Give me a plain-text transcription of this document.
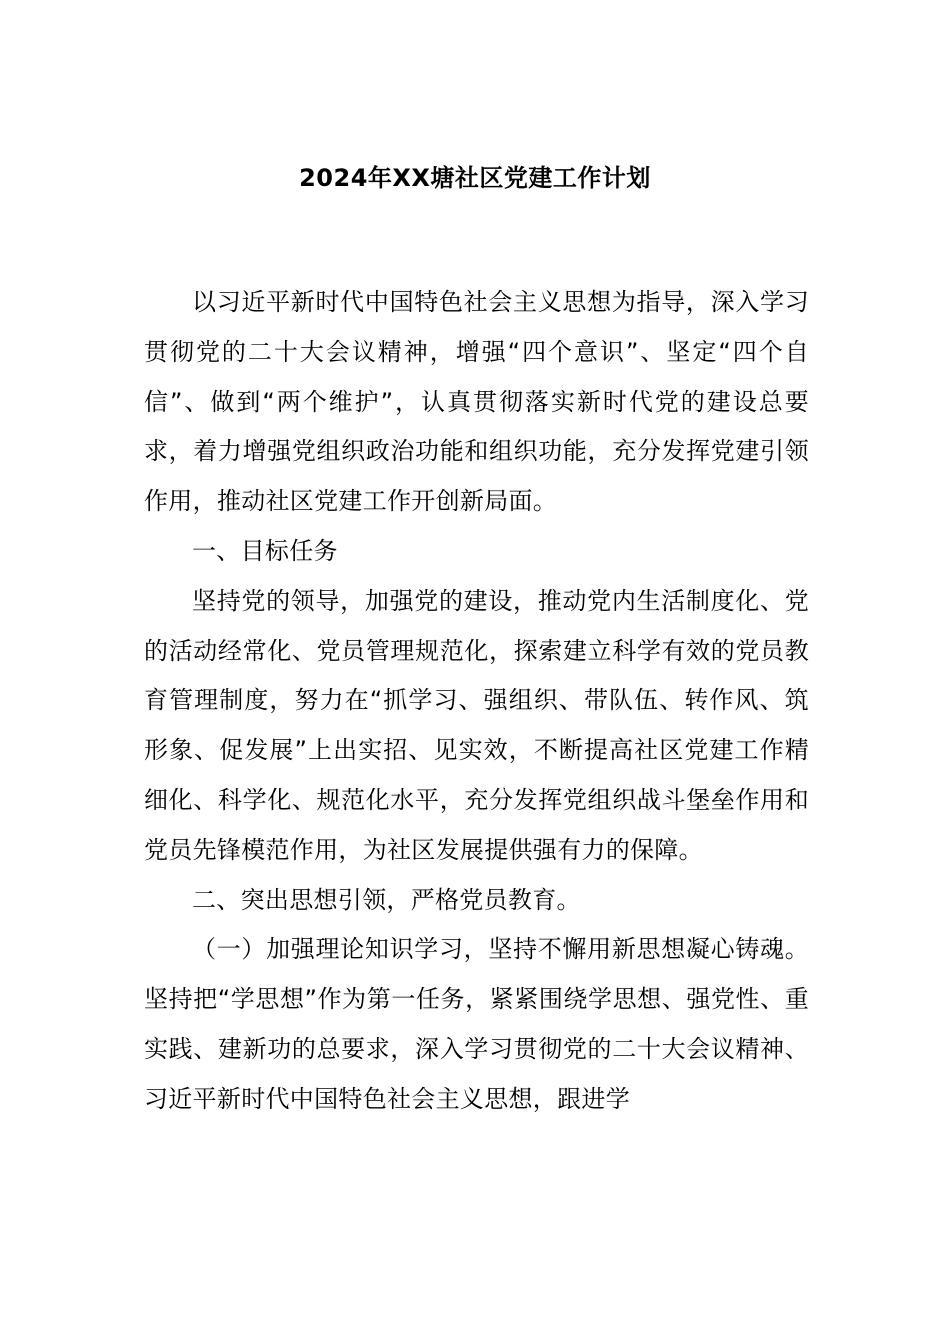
2024年XX塘社区党建工作计划

以习近平新时代中国特色社会主义思想为指导，深入学习贯彻党的二十大会议精神，增强“四个意识”、坚定“四个自信”、做到“两个维护”，认真贯彻落实新时代党的建设总要求，着力增强党组织政治功能和组织功能，充分发挥党建引领作用，推动社区党建工作开创新局面。

一、目标任务

坚持党的领导，加强党的建设，推动党内生活制度化、党的活动经常化、党员管理规范化，探索建立科学有效的党员教育管理制度，努力在“抓学习、强组织、带队伍、转作风、筑形象、促发展”上出实招、见实效，不断提高社区党建工作精细化、科学化、规范化水平，充分发挥党组织战斗堡垒作用和党员先锋模范作用，为社区发展提供强有力的保障。

二、突出思想引领，严格党员教育。

（一）加强理论知识学习，坚持不懈用新思想凝心铸魂。坚持把“学思想”作为第一任务，紧紧围绕学思想、强党性、重实践、建新功的总要求，深入学习贯彻党的二十大会议精神、习近平新时代中国特色社会主义思想，跟进学
